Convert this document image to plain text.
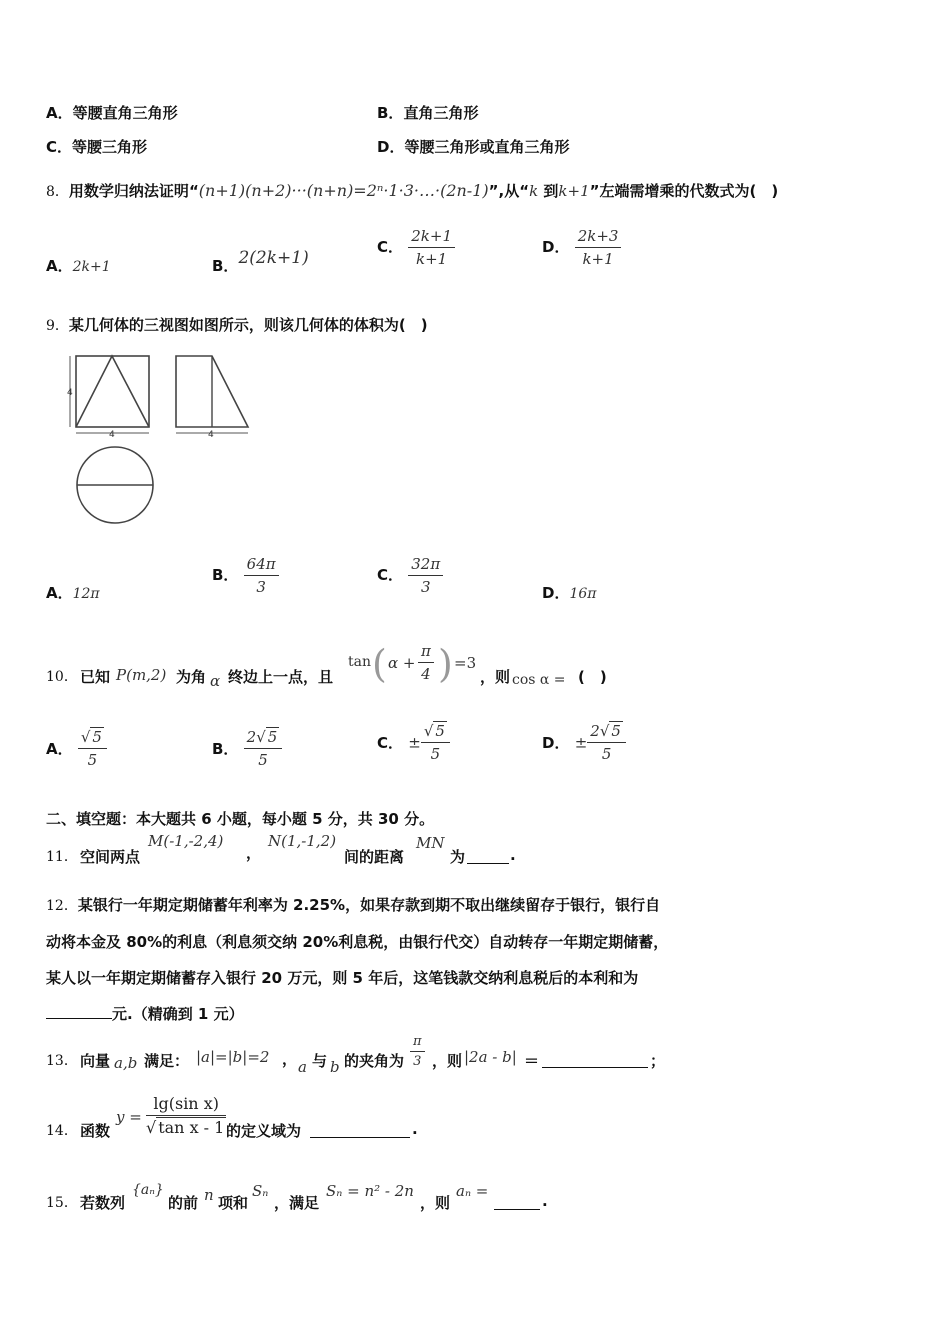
A．等腰直角三角形	B．直角三角形
C．等腰三角形	D．等腰三角形或直角三角形
8．用数学归纳法证明“(n+1)(n+2)···(n+n)=2ⁿ·1·3·…·(2n-1)”,从“k 到k+1”左端需增乘的代数式为(　)
A．2k+1	B．2(2k+1)
C． $\frac{2k+1}{k+1}$	D． $\frac{2k+3}{k+1}$
9．某几何体的三视图如图所示，则该几何体的体积为(　)
4
4	4
A．12π
B． $\frac{64\pi}{3}$	C． $\frac{32\pi}{3}$	D．16π
10． 已知 P(m,2) 为角 α 终边上一点，且
tan ( $\alpha + \frac{\pi}{4}$ ) =3
，则 cos α = (　)
A． $\frac{√ 5}{5}$	B． $\frac{2√ 5}{5}$	C． ± $\frac{√ 5}{5}$	D． ± $\frac{2√ 5}{5}$
二、填空题：本大题共 6 小题，每小题 5 分，共 30 分。
11． 空间两点
M(-1,-2,4)
，
N(1,-1,2)
间的距离
MN
为	.
12．某银行一年期定期储蓄年利率为 2.25%，如果存款到期不取出继续留存于银行，银行自
动将本金及 80%的利息（利息须交纳 20%利息税，由银行代交）自动转存一年期定期储蓄，
某人以一年期定期储蓄存入银行 20 万元，则 5 年后，这笔钱款交纳利息税后的本利和为
元.（精确到 1 元）
13． 向量 a,b 满足： |a|=|b|=2 ， a 与 b 的夹角为 $\frac{\pi}{3}$ ，则 |2a - b| ＝	；
14． 函数
$y = \frac{\text{lg(sin x)}}{\text{√ tan x - 1}}$ 的定义域为	.
15． 若数列
{aₙ}
的前 n 项和
Sₙ
，满足
Sₙ = n² - 2n
，则
aₙ =
.
